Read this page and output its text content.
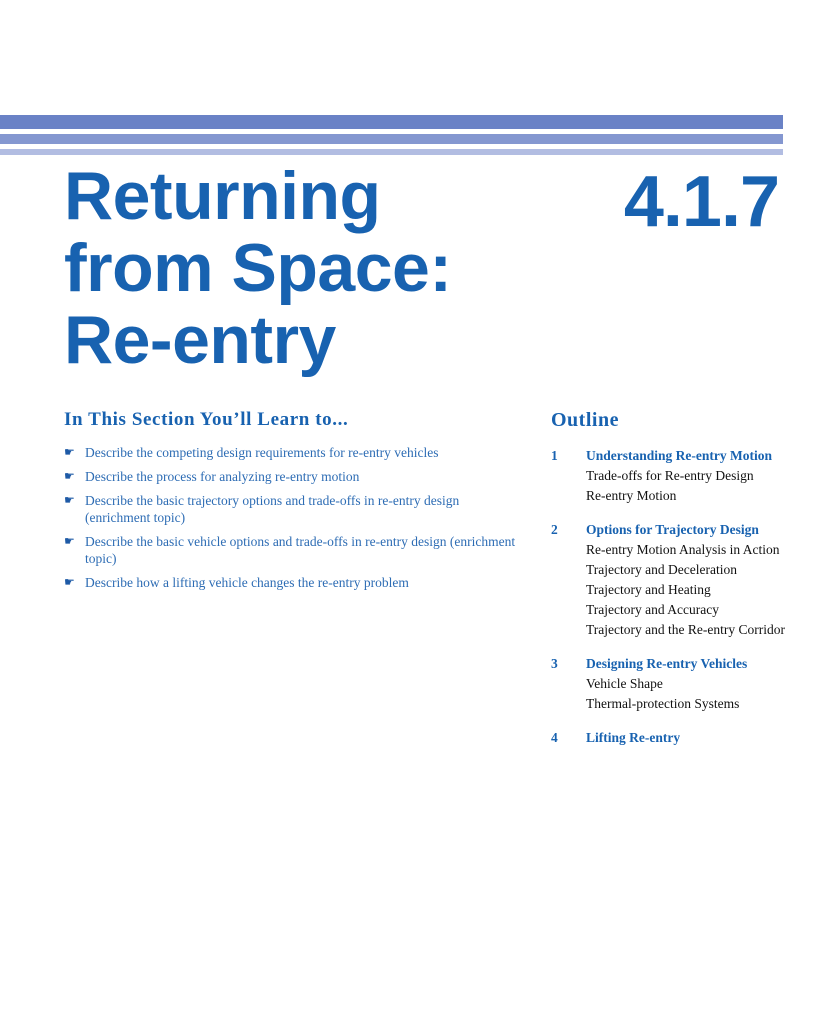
Returning
from Space:
Re-entry
4.1.7
In This Section You’ll Learn to...
☛ Describe the competing design requirements for re-entry vehicles
☛ Describe the process for analyzing re-entry motion
☛ Describe the basic trajectory options and trade-offs in re-entry design (enrichment topic)
☛ Describe the basic vehicle options and trade-offs in re-entry design (enrichment topic)
☛ Describe how a lifting vehicle changes the re-entry problem
Outline
1 Understanding Re-entry Motion
Trade-offs for Re-entry Design
Re-entry Motion
2 Options for Trajectory Design
Re-entry Motion Analysis in Action
Trajectory and Deceleration
Trajectory and Heating
Trajectory and Accuracy
Trajectory and the Re-entry Corridor
3 Designing Re-entry Vehicles
Vehicle Shape
Thermal-protection Systems
4 Lifting Re-entry
